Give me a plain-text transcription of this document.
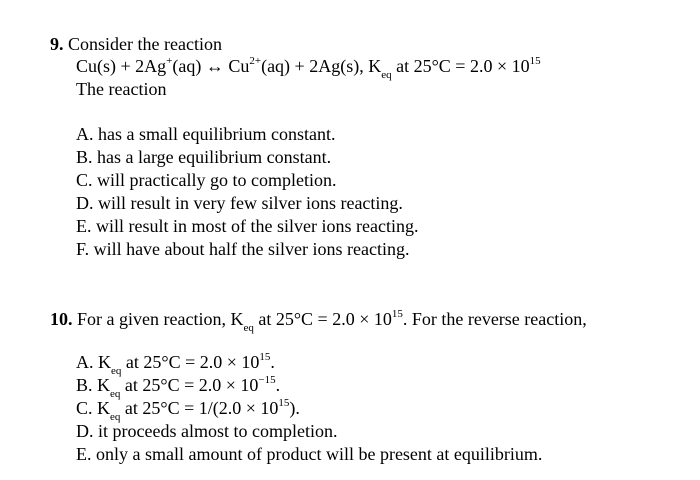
9. Consider the reaction
Cu(s) + 2Ag+(aq) ↔ $Cu^{2+}(aq) + 2Ag(s)$, $K_{eq}$ at $25^\circ C = 2.0 \times 10^{15}$
The reaction
A. has a small equilibrium constant.
B. has a large equilibrium constant.
C. will practically go to completion.
D. will result in very few silver ions reacting.
E. will result in most of the silver ions reacting.
F. will have about half the silver ions reacting.
10. For a given reaction, $K_{eq}$ at $25^\circ C = 2.0 \times 10^{15}$. For the reverse reaction,
A. $K_{eq}$ at $25^\circ C = 2.0 \times 10^{15}$.
B. $K_{eq}$ at $25^\circ C = 2.0 \times 10^{-15}$.
C. $K_{eq}$ at $25^\circ C = 1/(2.0 \times 10^{15})$.
D. it proceeds almost to completion.
E. only a small amount of product will be present at equilibrium.
